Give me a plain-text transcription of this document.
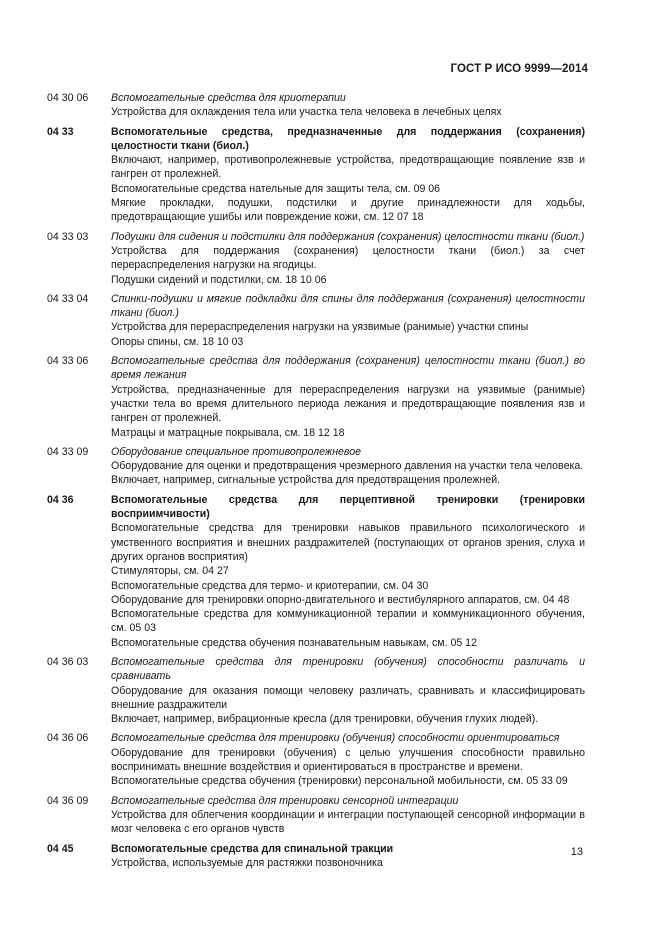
ГОСТ Р ИСО 9999—2014
04 30 06	Вспомогательные средства для криотерапии
Устройства для охлаждения тела или участка тела человека в лечебных целях
04 33	Вспомогательные средства, предназначенные для поддержания (сохранения) целостности ткани (биол.)
Включают, например, противопролежневые устройства, предотвращающие появление язв и гангрен от пролежней.
Вспомогательные средства нательные для защиты тела, см. 09 06
Мягкие прокладки, подушки, подстилки и другие принадлежности для ходьбы, предотвращающие ушибы или повреждение кожи, см. 12 07 18
04 33 03	Подушки для сидения и подстилки для поддержания (сохранения) целостности ткани (биол.)
Устройства для поддержания (сохранения) целостности ткани (биол.) за счет перераспределения нагрузки на ягодицы.
Подушки сидений и подстилки, см. 18 10 06
04 33 04	Спинки-подушки и мягкие подкладки для спины для поддержания (сохранения) целостности ткани (биол.)
Устройства для перераспределения нагрузки на уязвимые (ранимые) участки спины
Опоры спины, см. 18 10 03
04 33 06	Вспомогательные средства для поддержания (сохранения) целостности ткани (биол.) во время лежания
Устройства, предназначенные для перераспределения нагрузки на уязвимые (ранимые) участки тела во время длительного периода лежания и предотвращающие появления язв и гангрен от пролежней.
Матрацы и матрацные покрывала, см. 18 12 18
04 33 09	Оборудование специальное противопролежневое
Оборудование для оценки и предотвращения чрезмерного давления на участки тела человека.
Включает, например, сигнальные устройства для предотвращения пролежней.
04 36	Вспомогательные средства для перцептивной тренировки (тренировки восприимчивости)
Вспомогательные средства для тренировки навыков правильного психологического и умственного восприятия и внешних раздражителей (поступающих от органов зрения, слуха и других органов восприятия)
Стимуляторы, см. 04 27
Вспомогательные средства для термо- и криотерапии, см. 04 30
Оборудование для тренировки опорно-двигательного и вестибулярного аппаратов, см. 04 48
Вспомогательные средства для коммуникационной терапии и коммуникационного обучения, см. 05 03
Вспомогательные средства обучения познавательным навыкам, см. 05 12
04 36 03	Вспомогательные средства для тренировки (обучения) способности различать и сравнивать
Оборудование для оказания помощи человеку различать, сравнивать и классифицировать внешние раздражители
Включает, например, вибрационные кресла (для тренировки, обучения глухих людей).
04 36 06	Вспомогательные средства для тренировки (обучения) способности ориентироваться
Оборудование для тренировки (обучения) с целью улучшения способности правильно воспринимать внешние воздействия и ориентироваться в пространстве и времени.
Вспомогательные средства обучения (тренировки) персональной мобильности, см. 05 33 09
04 36 09	Вспомогательные средства для тренировки сенсорной интеграции
Устройства для облегчения координации и интеграции поступающей сенсорной информации в мозг человека с его органов чувств
04 45	Вспомогательные средства для спинальной тракции
Устройства, используемые для растяжки позвоночника
13
